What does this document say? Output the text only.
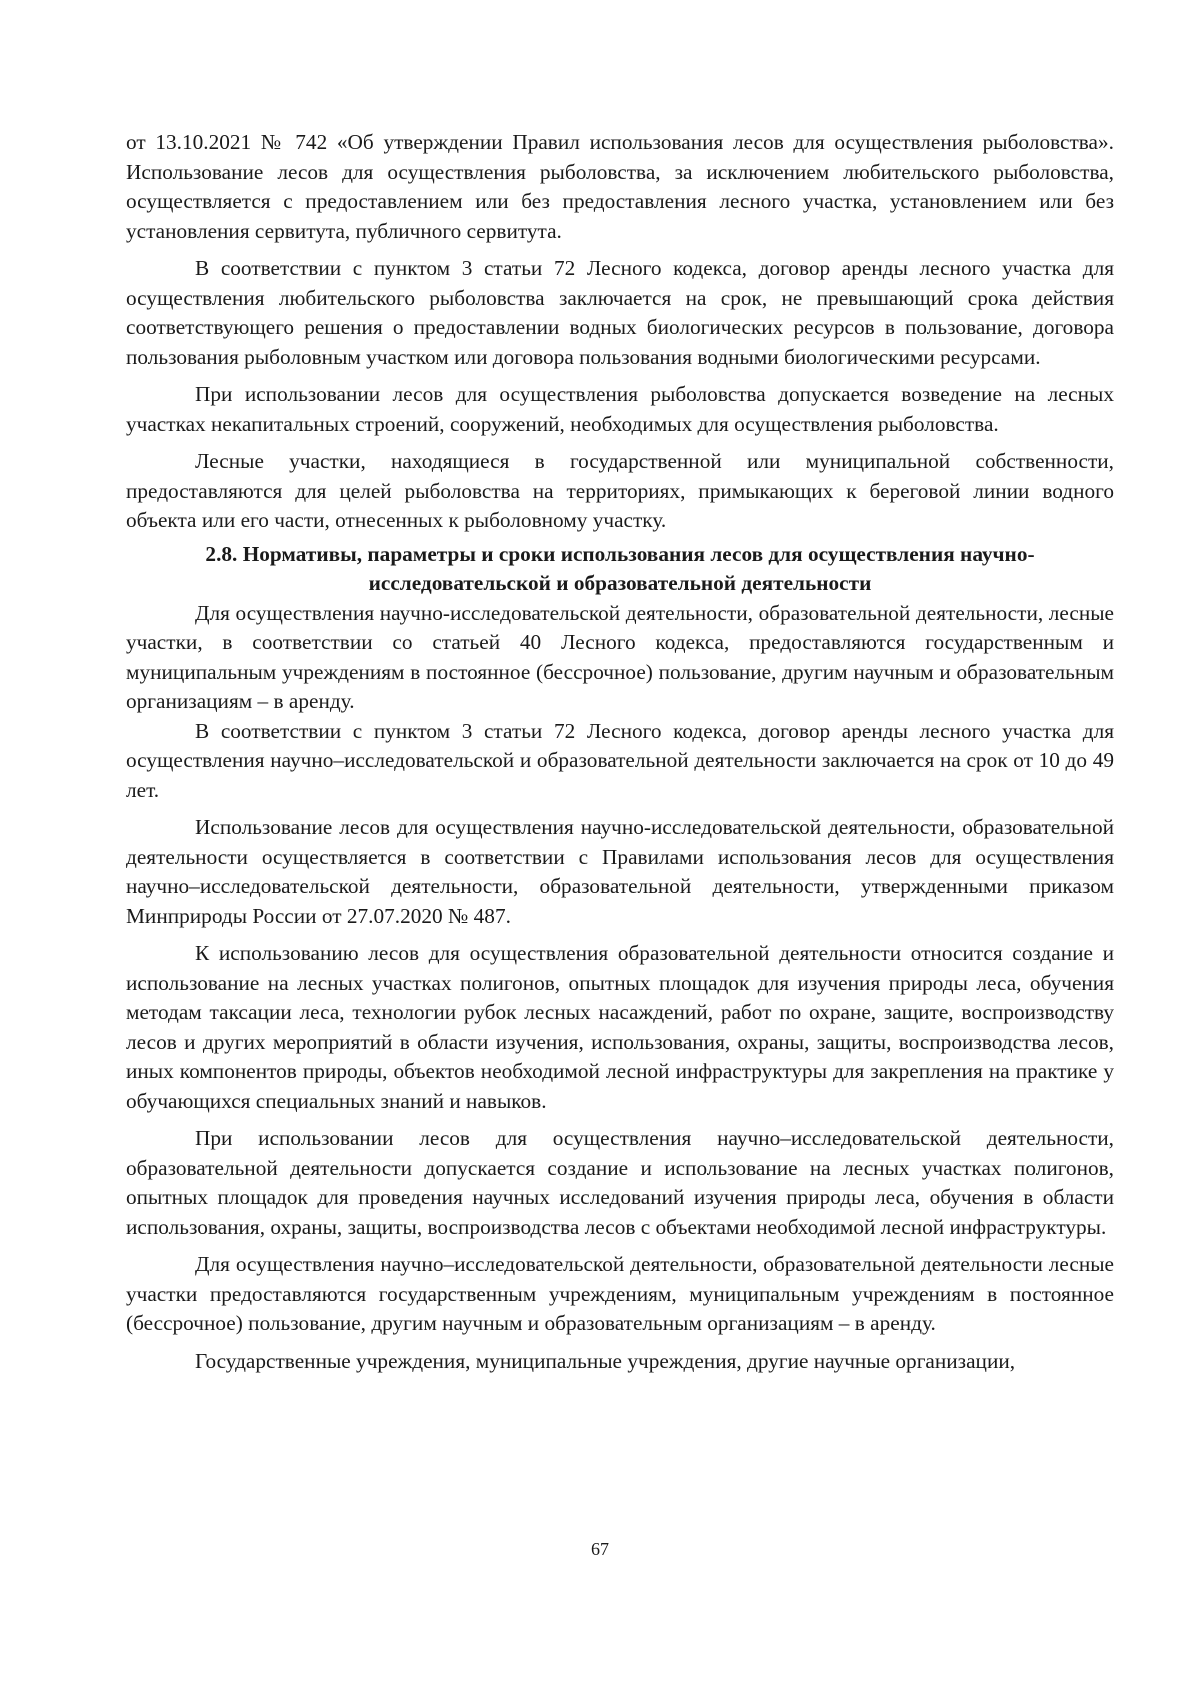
от 13.10.2021 № 742 «Об утверждении Правил использования лесов для осуществления рыболовства». Использование лесов для осуществления рыболовства, за исключением любительского рыболовства, осуществляется с предоставлением или без предоставления лесного участка, установлением или без установления сервитута, публичного сервитута.

В соответствии с пунктом 3 статьи 72 Лесного кодекса, договор аренды лесного участка для осуществления любительского рыболовства заключается на срок, не превышающий срока действия соответствующего решения о предоставлении водных биологических ресурсов в пользование, договора пользования рыболовным участком или договора пользования водными биологическими ресурсами.

При использовании лесов для осуществления рыболовства допускается возведение на лесных участках некапитальных строений, сооружений, необходимых для осуществления рыболовства.

Лесные участки, находящиеся в государственной или муниципальной собственности, предоставляются для целей рыболовства на территориях, примыкающих к береговой линии водного объекта или его части, отнесенных к рыболовному участку.

2.8. Нормативы, параметры и сроки использования лесов для осуществления научно-исследовательской и образовательной деятельности

Для осуществления научно-исследовательской деятельности, образовательной деятельности, лесные участки, в соответствии со статьей 40 Лесного кодекса, предоставляются государственным и муниципальным учреждениям в постоянное (бессрочное) пользование, другим научным и образовательным организациям – в аренду.

В соответствии с пунктом 3 статьи 72 Лесного кодекса, договор аренды лесного участка для осуществления научно–исследовательской и образовательной деятельности заключается на срок от 10 до 49 лет.

Использование лесов для осуществления научно-исследовательской деятельности, образовательной деятельности осуществляется в соответствии с Правилами использования лесов для осуществления научно–исследовательской деятельности, образовательной деятельности, утвержденными приказом Минприроды России от 27.07.2020 № 487.

К использованию лесов для осуществления образовательной деятельности относится создание и использование на лесных участках полигонов, опытных площадок для изучения природы леса, обучения методам таксации леса, технологии рубок лесных насаждений, работ по охране, защите, воспроизводству лесов и других мероприятий в области изучения, использования, охраны, защиты, воспроизводства лесов, иных компонентов природы, объектов необходимой лесной инфраструктуры для закрепления на практике у обучающихся специальных знаний и навыков.

При использовании лесов для осуществления научно–исследовательской деятельности, образовательной деятельности допускается создание и использование на лесных участках полигонов, опытных площадок для проведения научных исследований изучения природы леса, обучения в области использования, охраны, защиты, воспроизводства лесов с объектами необходимой лесной инфраструктуры.

Для осуществления научно–исследовательской деятельности, образовательной деятельности лесные участки предоставляются государственным учреждениям, муниципальным учреждениям в постоянное (бессрочное) пользование, другим научным и образовательным организациям – в аренду.

Государственные учреждения, муниципальные учреждения, другие научные организации,

67
